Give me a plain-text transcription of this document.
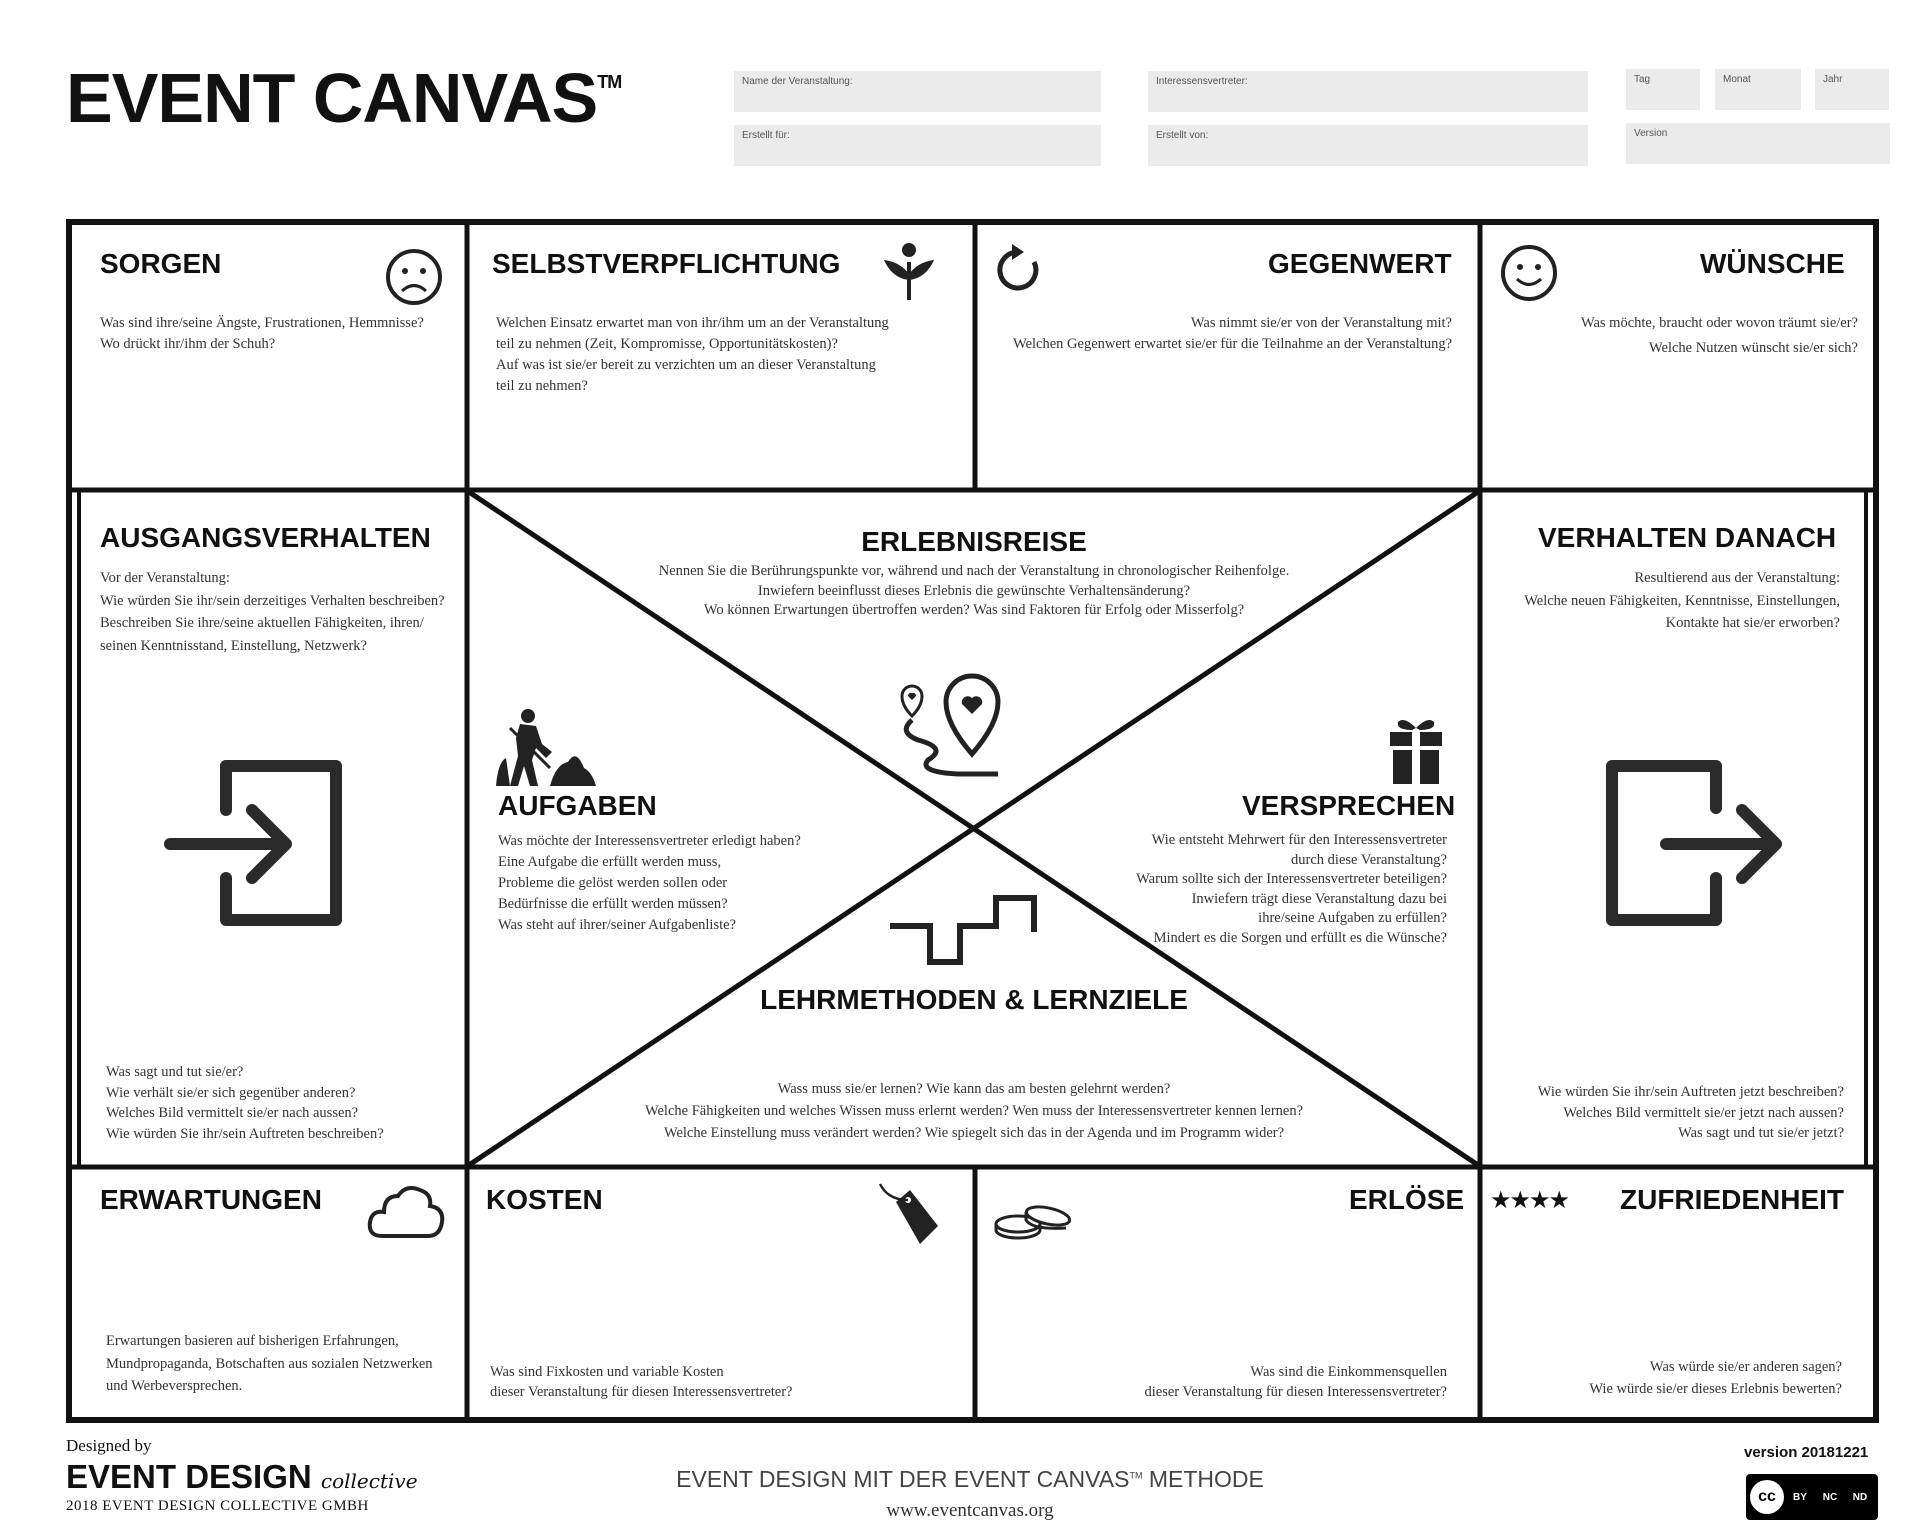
EVENT CANVAS™	Name der Veranstaltung:	Interessensvertreter:	Tag	Monat	Jahr
Erstellt für:	Erstellt von:	Version
SORGEN
Was sind ihre/seine Ängste, Frustrationen, Hemmnisse?
Wo drückt ihr/ihm der Schuh?
SELBSTVERPFLICHTUNG
Welchen Einsatz erwartet man von ihr/ihm um an der Veranstaltung
teil zu nehmen (Zeit, Kompromisse, Opportunitätskosten)?
Auf was ist sie/er bereit zu verzichten um an dieser Veranstaltung
teil zu nehmen?
GEGENWERT
Was nimmt sie/er von der Veranstaltung mit?
Welchen Gegenwert erwartet sie/er für die Teilnahme an der Veranstaltung?
WÜNSCHE
Was möchte, braucht oder wovon träumt sie/er?
Welche Nutzen wünscht sie/er sich?
AUSGANGSVERHALTEN
Vor der Veranstaltung:
Wie würden Sie ihr/sein derzeitiges Verhalten beschreiben?
Beschreiben Sie ihre/seine aktuellen Fähigkeiten, ihren/
seinen Kenntnisstand, Einstellung, Netzwerk?
Was sagt und tut sie/er?
Wie verhält sie/er sich gegenüber anderen?
Welches Bild vermittelt sie/er nach aussen?
Wie würden Sie ihr/sein Auftreten beschreiben?
ERLEBNISREISE
Nennen Sie die Berührungspunkte vor, während und nach der Veranstaltung in chronologischer Reihenfolge.
Inwiefern beeinflusst dieses Erlebnis die gewünschte Verhaltensänderung?
Wo können Erwartungen übertroffen werden? Was sind Faktoren für Erfolg oder Misserfolg?
AUFGABEN
Was möchte der Interessensvertreter erledigt haben?
Eine Aufgabe die erfüllt werden muss,
Probleme die gelöst werden sollen oder
Bedürfnisse die erfüllt werden müssen?
Was steht auf ihrer/seiner Aufgabenliste?
VERSPRECHEN
Wie entsteht Mehrwert für den Interessensvertreter
durch diese Veranstaltung?
Warum sollte sich der Interessensvertreter beteiligen?
Inwiefern trägt diese Veranstaltung dazu bei
ihre/seine Aufgaben zu erfüllen?
Mindert es die Sorgen und erfüllt es die Wünsche?
LEHRMETHODEN & LERNZIELE
Wass muss sie/er lernen? Wie kann das am besten gelehrnt werden?
Welche Fähigkeiten und welches Wissen muss erlernt werden? Wen muss der Interessensvertreter kennen lernen?
Welche Einstellung muss verändert werden? Wie spiegelt sich das in der Agenda und im Programm wider?
VERHALTEN DANACH
Resultierend aus der Veranstaltung:
Welche neuen Fähigkeiten, Kenntnisse, Einstellungen,
Kontakte hat sie/er erworben?
Wie würden Sie ihr/sein Auftreten jetzt beschreiben?
Welches Bild vermittelt sie/er jetzt nach aussen?
Was sagt und tut sie/er jetzt?
ERWARTUNGEN
Erwartungen basieren auf bisherigen Erfahrungen,
Mundpropaganda, Botschaften aus sozialen Netzwerken
und Werbeversprechen.
KOSTEN
Was sind Fixkosten und variable Kosten
dieser Veranstaltung für diesen Interessensvertreter?
ERLÖSE
Was sind die Einkommensquellen
dieser Veranstaltung für diesen Interessensvertreter?
★★★★ ZUFRIEDENHEIT
Was würde sie/er anderen sagen?
Wie würde sie/er dieses Erlebnis bewerten?
Designed by
EVENT DESIGN collective
2018 EVENT DESIGN COLLECTIVE GMBH
EVENT DESIGN MIT DER EVENT CANVAS™ METHODE
www.eventcanvas.org
version 20181221
cc	BY	NC	ND
